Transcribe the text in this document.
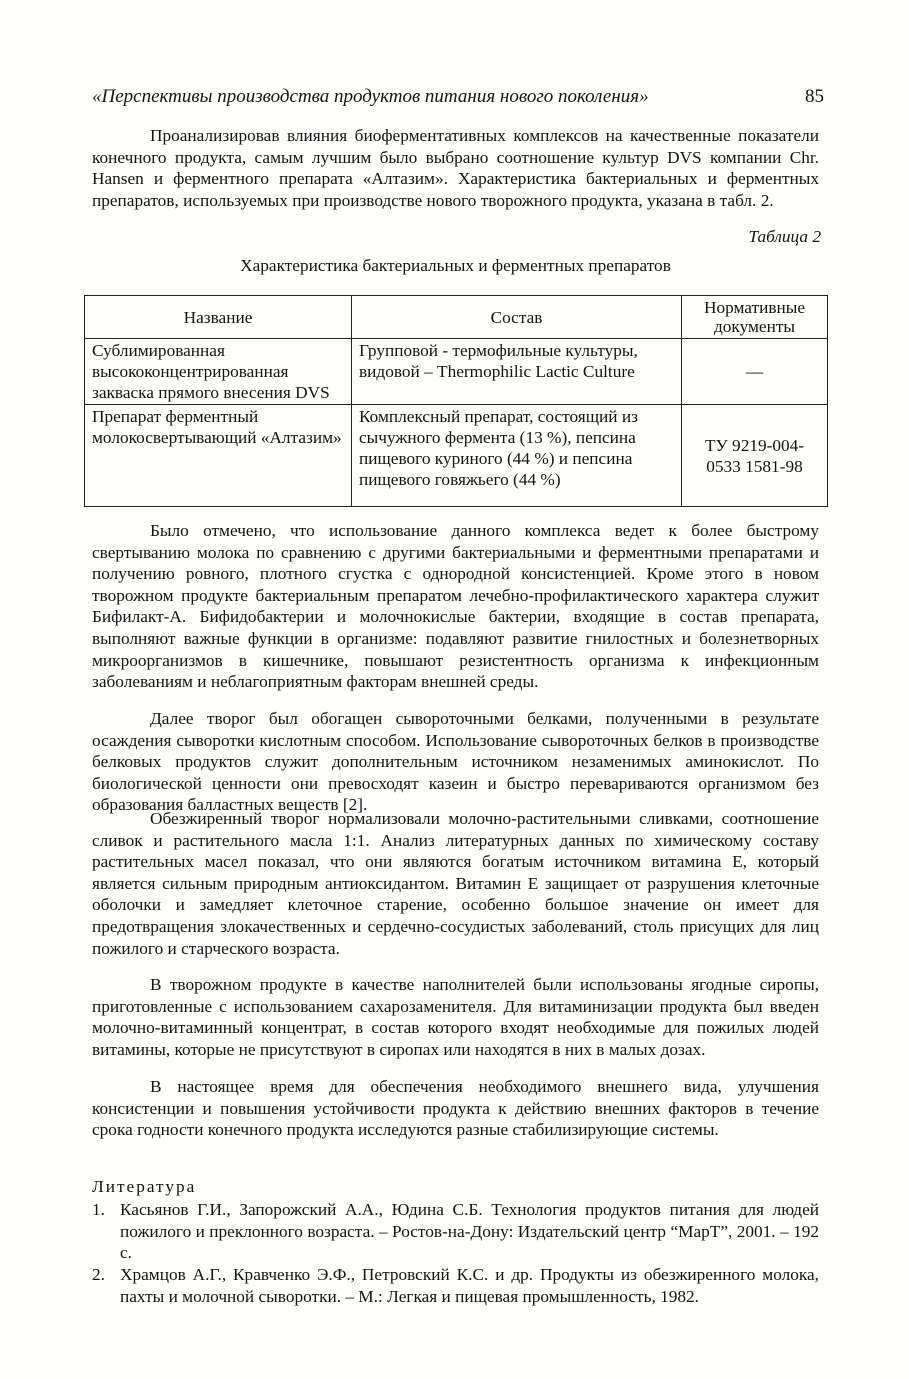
«Перспективы производства продуктов питания нового поколения»	85

Проанализировав влияния биоферментативных комплексов на качественные показатели конечного продукта, самым лучшим было выбрано соотношение культур DVS компании Chr. Hansen и ферментного препарата «Алтазим». Характеристика бактериальных и ферментных препаратов, используемых при производстве нового творожного продукта, указана в табл. 2.

Таблица 2
Характеристика бактериальных и ферментных препаратов
Название	Состав	Нормативные документы
Сублимированная высококонцентрированная закваска прямого внесения DVS	Групповой - термофильные культуры, видовой – Thermophilic Lactic Culture	—
Препарат ферментный молокосвертывающий «Алтазим»	Комплексный препарат, состоящий из сычужного фермента (13 %), пепсина пищевого куриного (44 %) и пепсина пищевого говяжьего (44 %)	ТУ 9219-004-0533 1581-98

Было отмечено, что использование данного комплекса ведет к более быстрому свертыванию молока по сравнению с другими бактериальными и ферментными препаратами и получению ровного, плотного сгустка с однородной консистенцией. Кроме этого в новом творожном продукте бактериальным препаратом лечебно-профилактического характера служит Бифилакт-А. Бифидобактерии и молочнокислые бактерии, входящие в состав препарата, выполняют важные функции в организме: подавляют развитие гнилостных и болезнетворных микроорганизмов в кишечнике, повышают резистентность организма к инфекционным заболеваниям и неблагоприятным факторам внешней среды.

Далее творог был обогащен сывороточными белками, полученными в результате осаждения сыворотки кислотным способом. Использование сывороточных белков в производстве белковых продуктов служит дополнительным источником незаменимых аминокислот. По биологической ценности они превосходят казеин и быстро перевариваются организмом без образования балластных веществ [2].

Обезжиренный творог нормализовали молочно-растительными сливками, соотношение сливок и растительного масла 1:1. Анализ литературных данных по химическому составу растительных масел показал, что они являются богатым источником витамина Е, который является сильным природным антиоксидантом. Витамин Е защищает от разрушения клеточные оболочки и замедляет клеточное старение, особенно большое значение он имеет для предотвращения злокачественных и сердечно-сосудистых заболеваний, столь присущих для лиц пожилого и старческого возраста.

В творожном продукте в качестве наполнителей были использованы ягодные сиропы, приготовленные с использованием сахарозаменителя. Для витаминизации продукта был введен молочно-витаминный концентрат, в состав которого входят необходимые для пожилых людей витамины, которые не присутствуют в сиропах или находятся в них в малых дозах.

В настоящее время для обеспечения необходимого внешнего вида, улучшения консистенции и повышения устойчивости продукта к действию внешних факторов в течение срока годности конечного продукта исследуются разные стабилизирующие системы.

Литература
1. Касьянов Г.И., Запорожский А.А., Юдина С.Б. Технология продуктов питания для людей пожилого и преклонного возраста. – Ростов-на-Дону: Издательский центр “МарТ”, 2001. – 192 с.
2. Храмцов А.Г., Кравченко Э.Ф., Петровский К.С. и др. Продукты из обезжиренного молока, пахты и молочной сыворотки. – М.: Легкая и пищевая промышленность, 1982.
